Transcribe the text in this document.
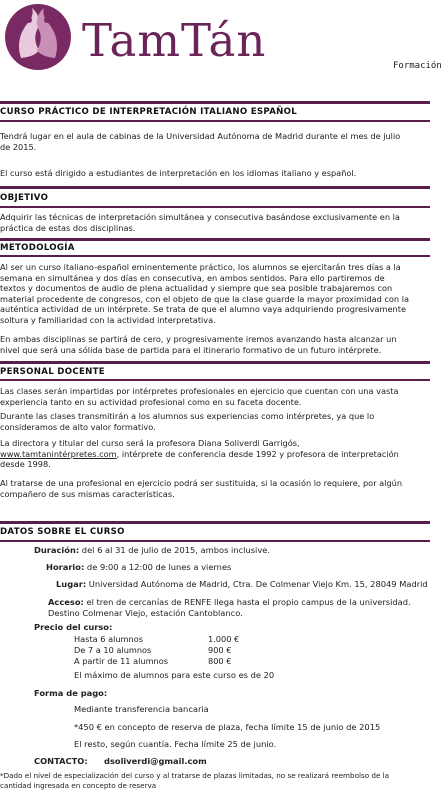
TamTán	Formación
CURSO PRÁCTICO DE INTERPRETACIÓN ITALIANO ESPAÑOL
Tendrá lugar en el aula de cabinas de la Universidad Autónoma de Madrid durante el mes de julio
de 2015.
El curso está dirigido a estudiantes de interpretación en los idiomas italiano y español.
OBJETIVO
Adquirir las técnicas de interpretación simultánea y consecutiva basándose exclusivamente en la
práctica de estas dos disciplinas.
METODOLOGÍA
Al ser un curso italiano-español eminentemente práctico, los alumnos se ejercitarán tres días a la
semana en simultánea y dos días en consecutiva, en ambos sentidos. Para ello partiremos de
textos y documentos de audio de plena actualidad y siempre que sea posible trabajaremos con
material procedente de congresos, con el objeto de que la clase guarde la mayor proximidad con la
auténtica actividad de un intérprete. Se trata de que el alumno vaya adquiriendo progresivamente
soltura y familiaridad con la actividad interpretativa.
En ambas disciplinas se partirá de cero, y progresivamente iremos avanzando hasta alcanzar un
nivel que será una sólida base de partida para el itinerario formativo de un futuro intérprete.
PERSONAL DOCENTE
Las clases serán impartidas por intérpretes profesionales en ejercicio que cuentan con una vasta
experiencia tanto en su actividad profesional como en su faceta docente.
Durante las clases transmitirán a los alumnos sus experiencias como intérpretes, ya que lo
consideramos de alto valor formativo.
La directora y titular del curso será la profesora Diana Soliverdi Garrigós,
www.tamtanintérpretes.com, intérprete de conferencia desde 1992 y profesora de interpretación
desde 1998.
Al tratarse de una profesional en ejercicio podrá ser sustituida, si la ocasión lo requiere, por algún
compañero de sus mismas características.
DATOS SOBRE EL CURSO
Duración: del 6 al 31 de julio de 2015, ambos inclusive.
Horario: de 9:00 a 12:00 de lunes a viernes
Lugar: Universidad Autónoma de Madrid, Ctra. De Colmenar Viejo Km. 15, 28049 Madrid
Acceso: el tren de cercanías de RENFE llega hasta el propio campus de la universidad.
Destino Colmenar Viejo, estación Cantoblanco.
Precio del curso:
Hasta 6 alumnos	1.000 €
De 7 a 10 alumnos	900 €
A partir de 11 alumnos	800 €
El máximo de alumnos para este curso es de 20
Forma de pago:
Mediante transferencia bancaria
*450 € en concepto de reserva de plaza, fecha límite 15 de junio de 2015
El resto, según cuantía. Fecha límite 25 de junio.
CONTACTO: dsoliverdi@gmail.com
*Dado el nivel de especialización del curso y al tratarse de plazas limitadas, no se realizará reembolso de la
cantidad ingresada en concepto de reserva
